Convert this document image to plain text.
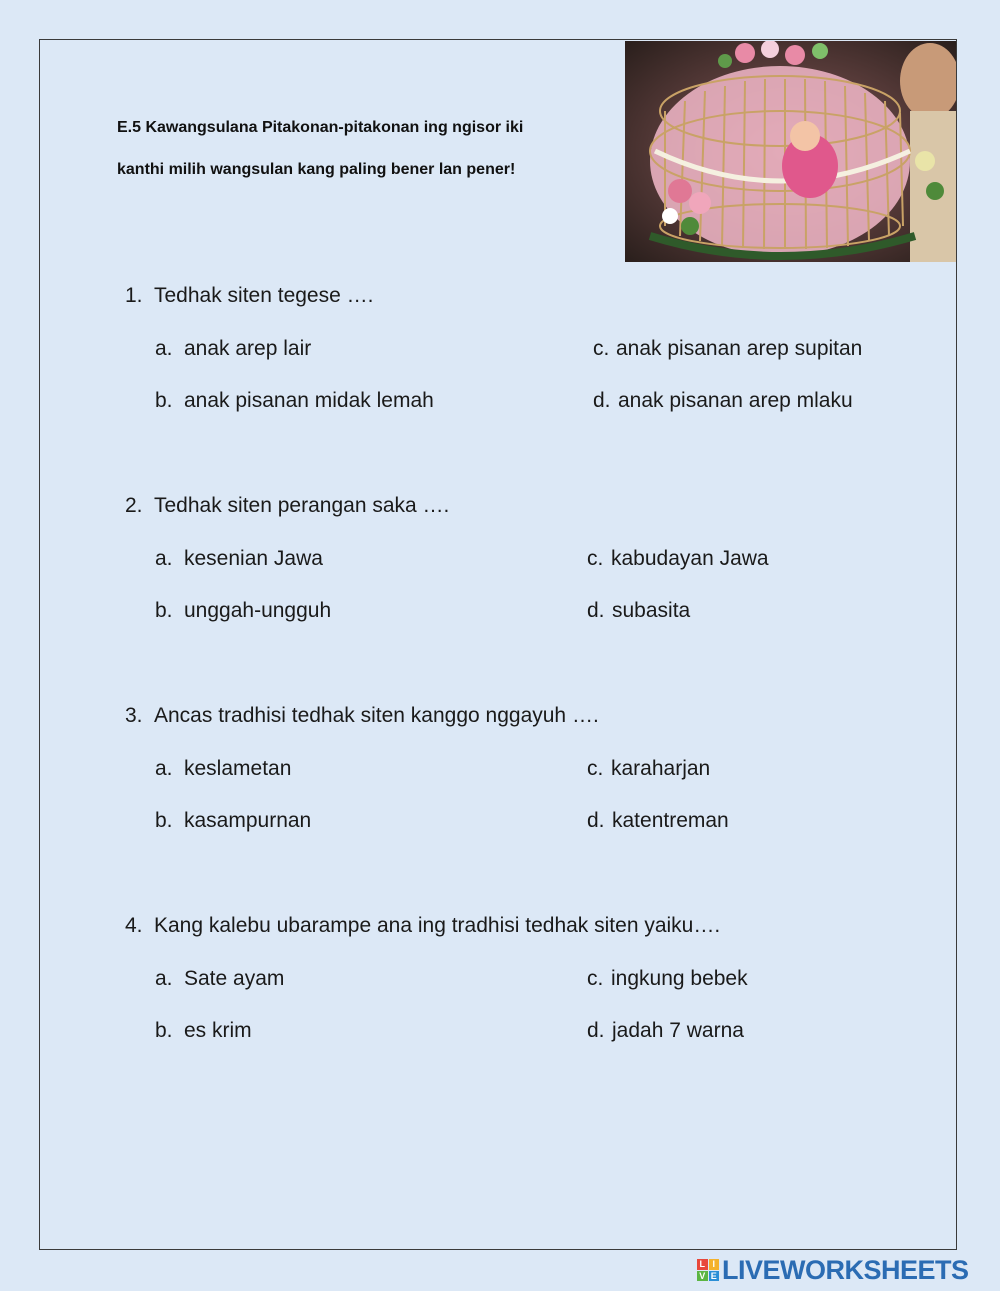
E.5 Kawangsulana Pitakonan-pitakonan ing ngisor iki
kanthi milih wangsulan kang paling bener lan pener!
1. Tedhak siten tegese ….
a. anak arep lair
b. anak pisanan midak lemah
c. anak pisanan arep supitan
d. anak pisanan arep mlaku
2. Tedhak siten perangan saka ….
a. kesenian Jawa
b. unggah-ungguh
c. kabudayan Jawa
d. subasita
3. Ancas tradhisi tedhak siten kanggo nggayuh ….
a. keslametan
b. kasampurnan
c. karaharjan
d. katentreman
4. Kang kalebu ubarampe ana ing tradhisi tedhak siten yaiku….
a. Sate ayam
b. es krim
c. ingkung bebek
d. jadah 7 warna
L I
V E LIVEWORKSHEETS
